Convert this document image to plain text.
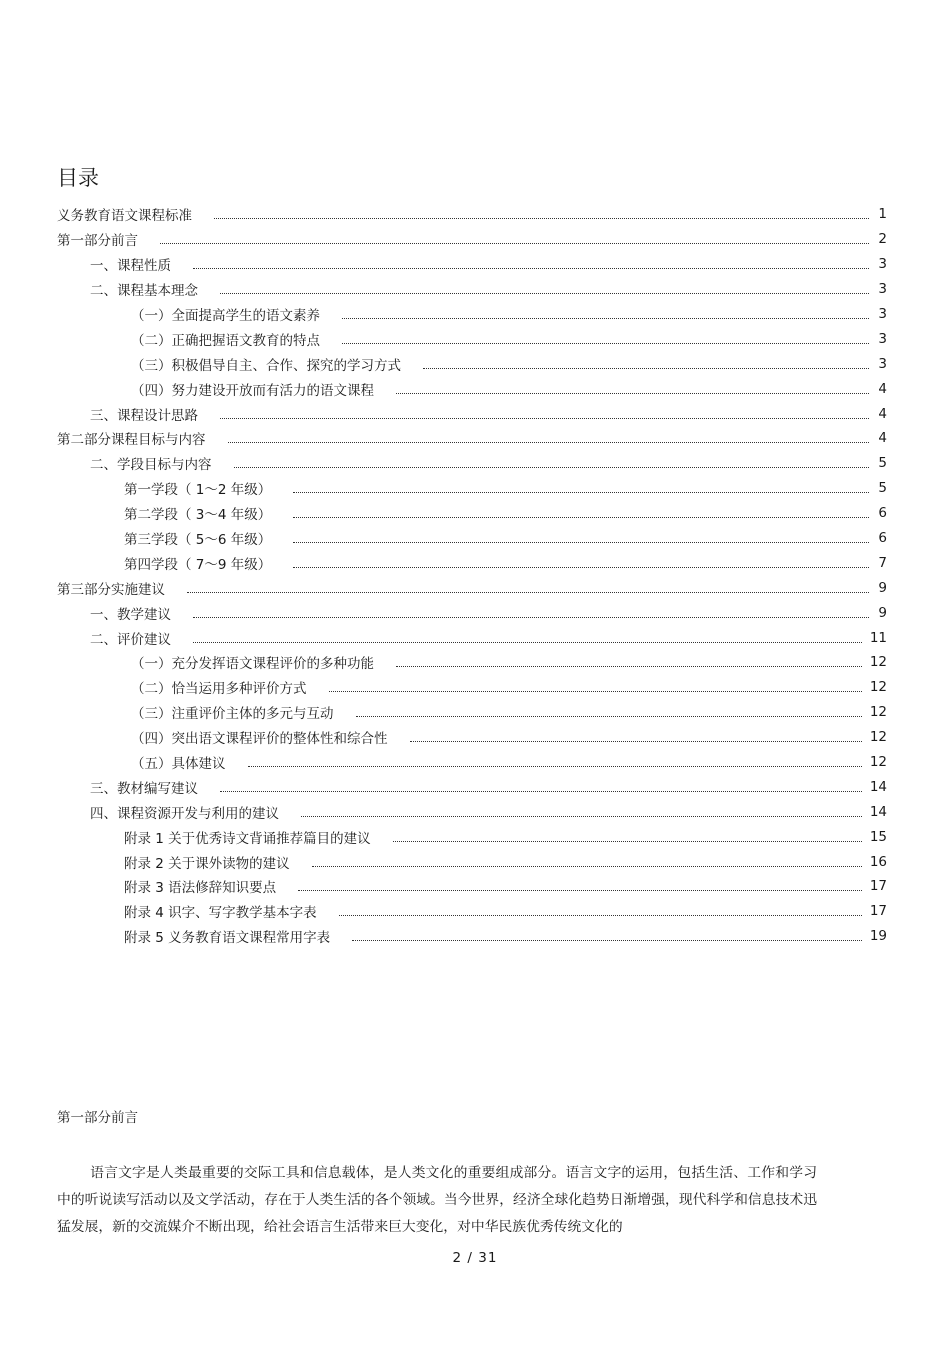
目录
义务教育语文课程标准	1
第一部分前言	2
一、课程性质	3
二、课程基本理念	3
（一）全面提高学生的语文素养	3
（二）正确把握语文教育的特点	3
（三）积极倡导自主、合作、探究的学习方式	3
（四）努力建设开放而有活力的语文课程	4
三、课程设计思路	4
第二部分课程目标与内容	4
二、学段目标与内容	5
第一学段（ 1～2 年级）	5
第二学段（ 3～4 年级）	6
第三学段（ 5～6 年级）	6
第四学段（ 7～9 年级）	7
第三部分实施建议	9
一、教学建议	9
二、评价建议	11
（一）充分发挥语文课程评价的多种功能	12
（二）恰当运用多种评价方式	12
（三）注重评价主体的多元与互动	12
（四）突出语文课程评价的整体性和综合性	12
（五）具体建议	12
三、教材编写建议	14
四、课程资源开发与利用的建议	14
附录 1 关于优秀诗文背诵推荐篇目的建议	15
附录 2 关于课外读物的建议	16
附录 3 语法修辞知识要点	17
附录 4 识字、写字教学基本字表	17
附录 5 义务教育语文课程常用字表	19
第一部分前言

语言文字是人类最重要的交际工具和信息载体，是人类文化的重要组成部分。语言文字的运用，包括生活、工作和学习中的听说读写活动以及文学活动，存在于人类生活的各个领域。当今世界，经济全球化趋势日渐增强，现代科学和信息技术迅猛发展，新的交流媒介不断出现，给社会语言生活带来巨大变化，对中华民族优秀传统文化的

2 / 31
